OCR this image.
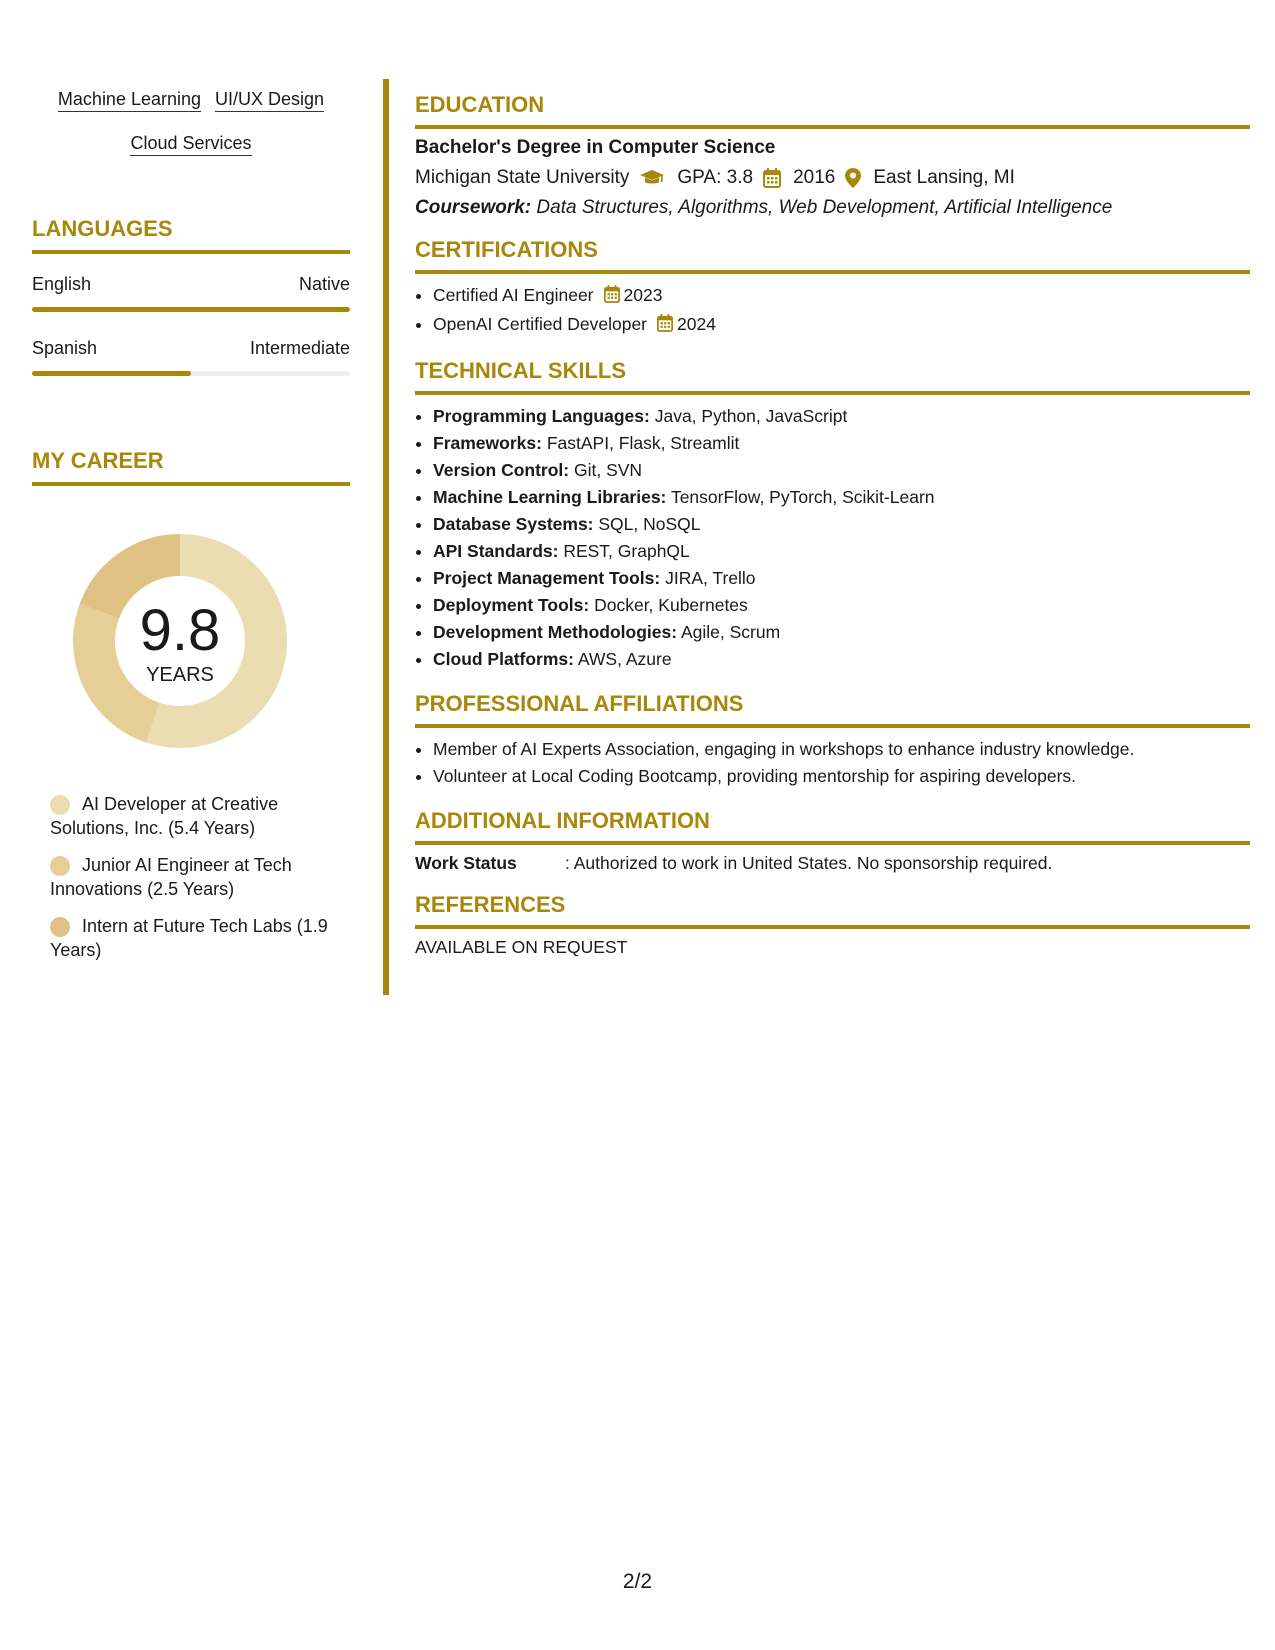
Machine Learning UI/UX Design
Cloud Services
LANGUAGES
English	Native
Spanish	Intermediate
MY CAREER
9.8
YEARS
AI Developer at Creative Solutions, Inc. (5.4 Years)
Junior AI Engineer at Tech Innovations (2.5 Years)
Intern at Future Tech Labs (1.9 Years)
EDUCATION
Bachelor's Degree in Computer Science
Michigan State University	GPA: 3.8 2016 East Lansing, MI
Coursework: Data Structures, Algorithms, Web Development, Artificial Intelligence
CERTIFICATIONS
• Certified AI Engineer 2023
• OpenAI Certified Developer 2024
TECHNICAL SKILLS
• Programming Languages: Java, Python, JavaScript
• Frameworks: FastAPI, Flask, Streamlit
• Version Control: Git, SVN
• Machine Learning Libraries: TensorFlow, PyTorch, Scikit-Learn
• Database Systems: SQL, NoSQL
• API Standards: REST, GraphQL
• Project Management Tools: JIRA, Trello
• Deployment Tools: Docker, Kubernetes
• Development Methodologies: Agile, Scrum
• Cloud Platforms: AWS, Azure
PROFESSIONAL AFFILIATIONS
• Member of AI Experts Association, engaging in workshops to enhance industry knowledge.
• Volunteer at Local Coding Bootcamp, providing mentorship for aspiring developers.
ADDITIONAL INFORMATION
Work Status	: Authorized to work in United States. No sponsorship required.
REFERENCES
AVAILABLE ON REQUEST
2/2
